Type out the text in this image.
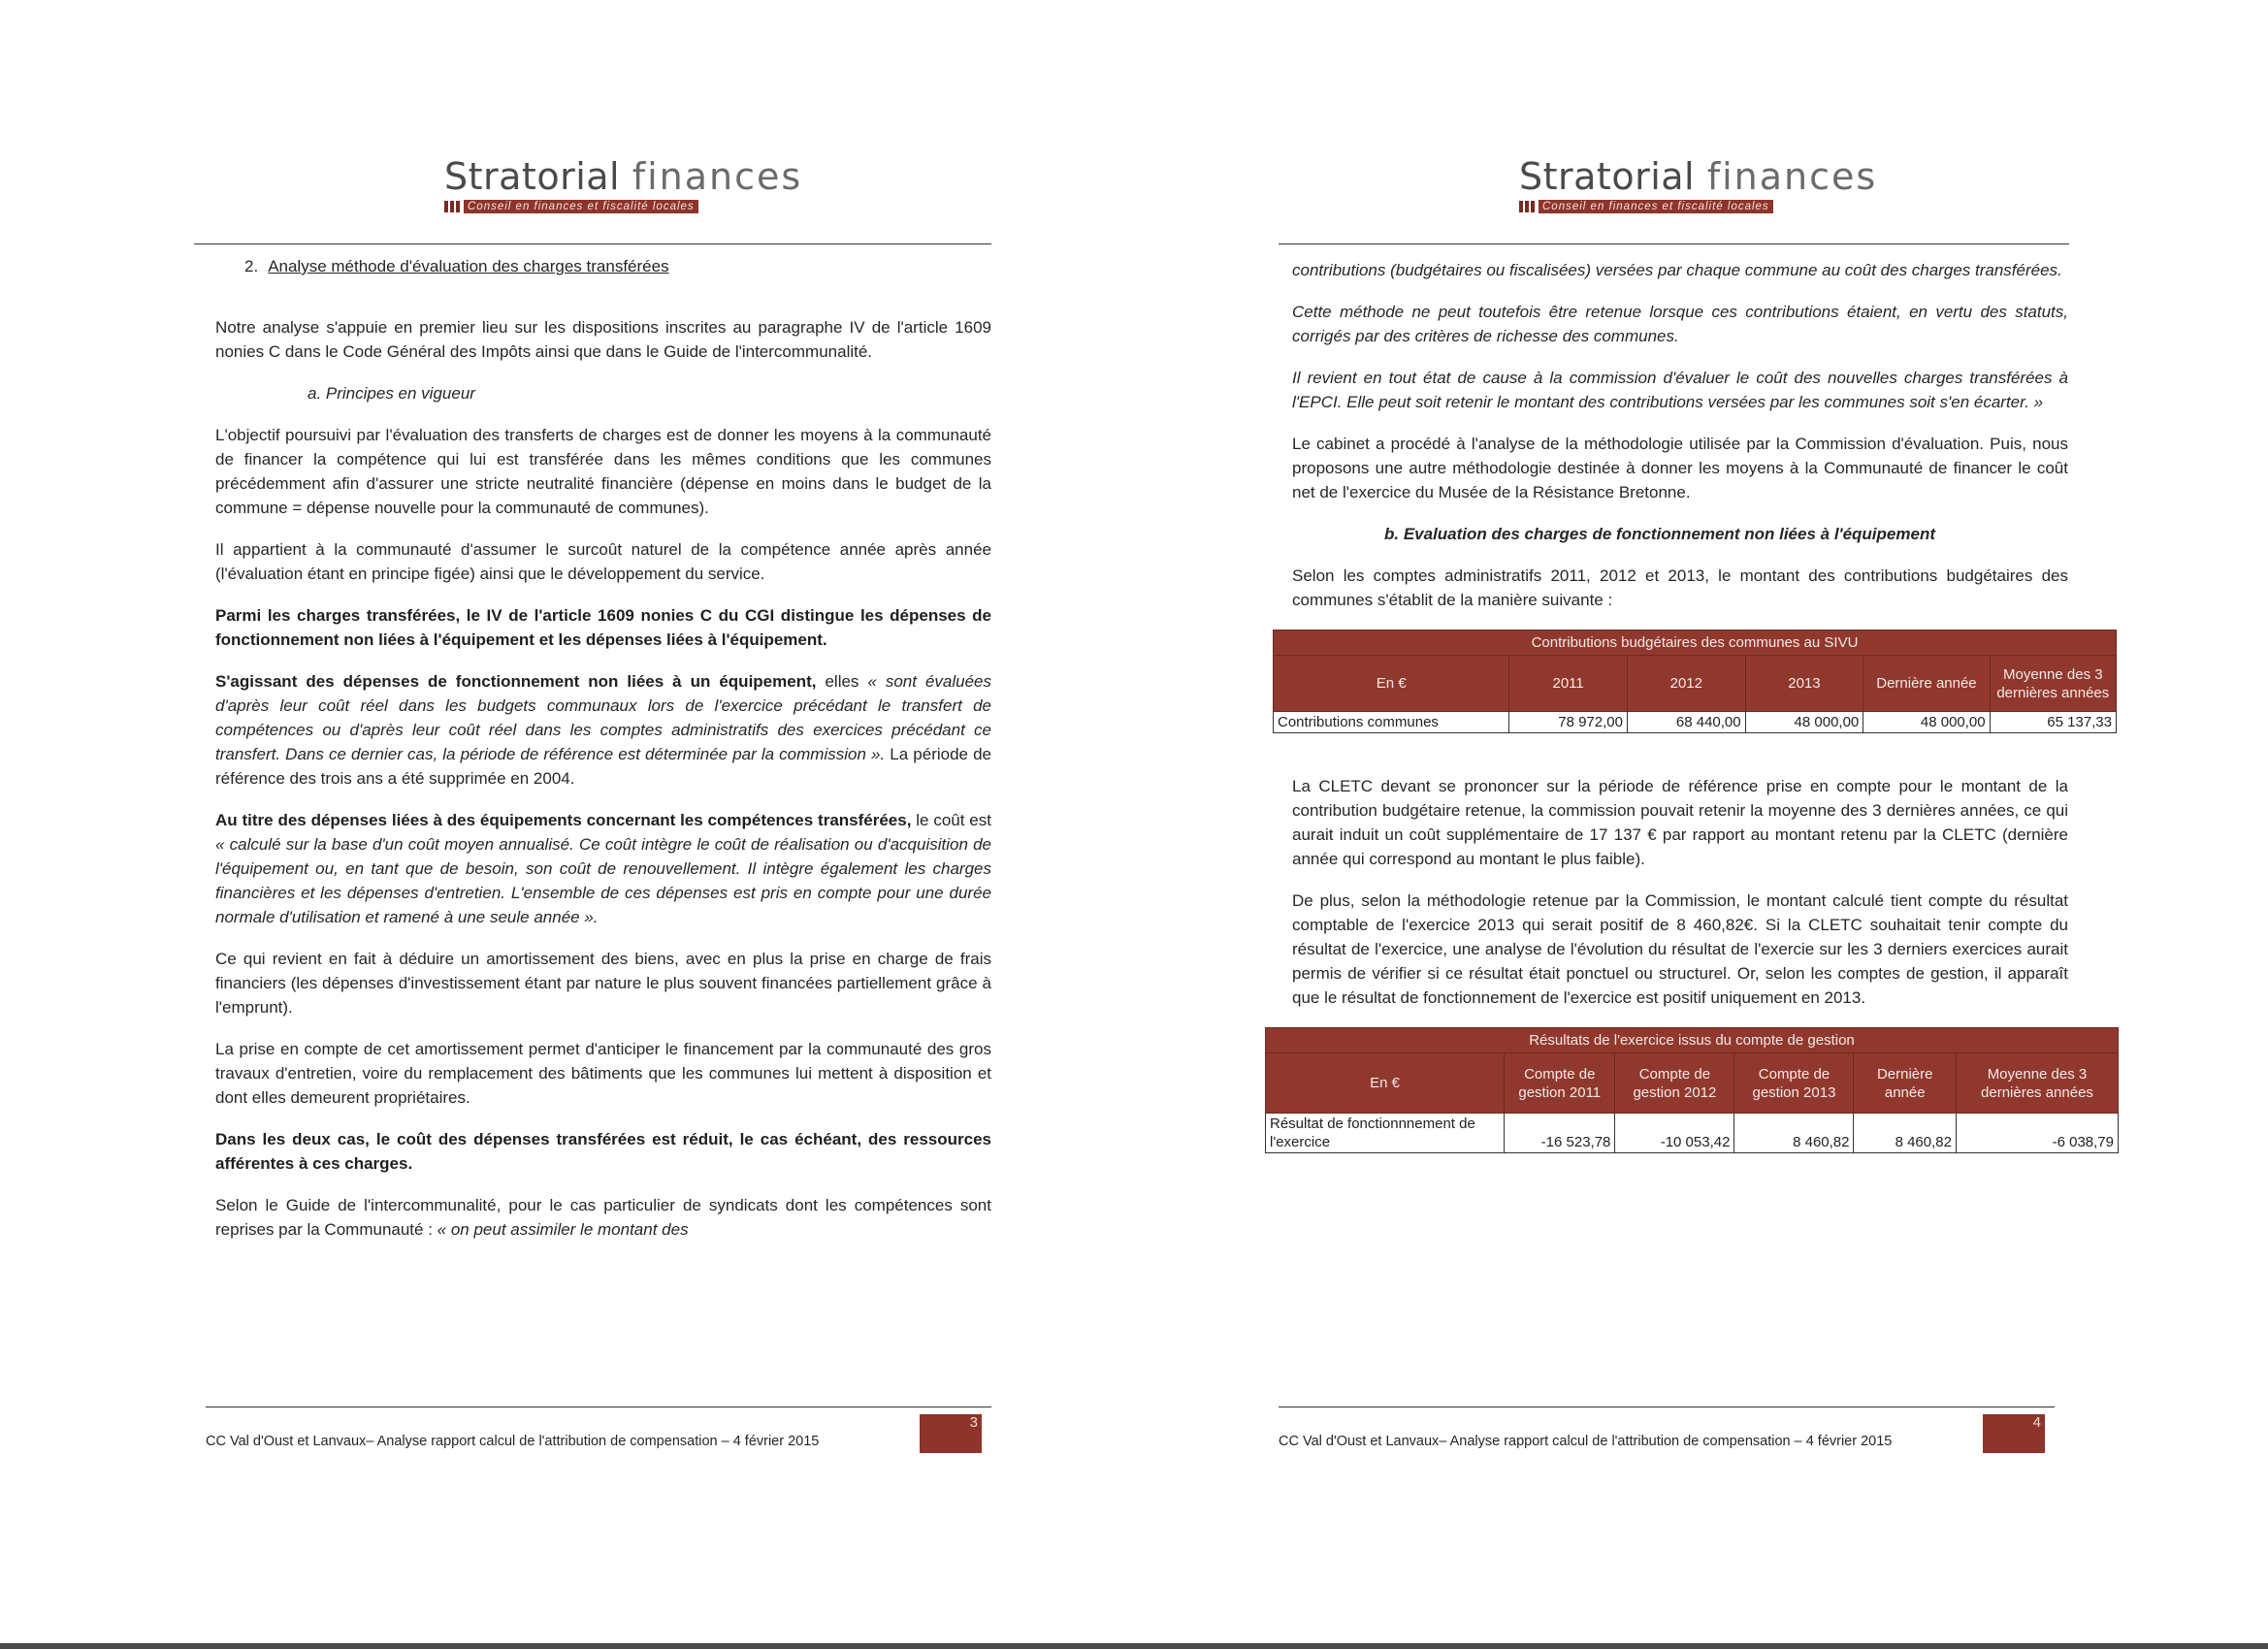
Stratorial finances
Conseil en finances et fiscalité locales

2. Analyse méthode d'évaluation des charges transférées

Notre analyse s'appuie en premier lieu sur les dispositions inscrites au paragraphe IV de l'article 1609 nonies C dans le Code Général des Impôts ainsi que dans le Guide de l'intercommunalité.

a. Principes en vigueur

L'objectif poursuivi par l'évaluation des transferts de charges est de donner les moyens à la communauté de financer la compétence qui lui est transférée dans les mêmes conditions que les communes précédemment afin d'assurer une stricte neutralité financière (dépense en moins dans le budget de la commune = dépense nouvelle pour la communauté de communes).

Il appartient à la communauté d'assumer le surcoût naturel de la compétence année après année (l'évaluation étant en principe figée) ainsi que le développement du service.

Parmi les charges transférées, le IV de l'article 1609 nonies C du CGI distingue les dépenses de fonctionnement non liées à l'équipement et les dépenses liées à l'équipement.

S'agissant des dépenses de fonctionnement non liées à un équipement, elles « sont évaluées d'après leur coût réel dans les budgets communaux lors de l'exercice précédant le transfert de compétences ou d'après leur coût réel dans les comptes administratifs des exercices précédant ce transfert. Dans ce dernier cas, la période de référence est déterminée par la commission ». La période de référence des trois ans a été supprimée en 2004.

Au titre des dépenses liées à des équipements concernant les compétences transférées, le coût est « calculé sur la base d'un coût moyen annualisé. Ce coût intègre le coût de réalisation ou d'acquisition de l'équipement ou, en tant que de besoin, son coût de renouvellement. Il intègre également les charges financières et les dépenses d'entretien. L'ensemble de ces dépenses est pris en compte pour une durée normale d'utilisation et ramené à une seule année ».

Ce qui revient en fait à déduire un amortissement des biens, avec en plus la prise en charge de frais financiers (les dépenses d'investissement étant par nature le plus souvent financées partiellement grâce à l'emprunt).

La prise en compte de cet amortissement permet d'anticiper le financement par la communauté des gros travaux d'entretien, voire du remplacement des bâtiments que les communes lui mettent à disposition et dont elles demeurent propriétaires.

Dans les deux cas, le coût des dépenses transférées est réduit, le cas échéant, des ressources afférentes à ces charges.

Selon le Guide de l'intercommunalité, pour le cas particulier de syndicats dont les compétences sont reprises par la Communauté : « on peut assimiler le montant des

CC Val d'Oust et Lanvaux– Analyse rapport calcul de l'attribution de compensation – 4 février 2015
3
Stratorial finances
Conseil en finances et fiscalité locales

contributions (budgétaires ou fiscalisées) versées par chaque commune au coût des charges transférées.

Cette méthode ne peut toutefois être retenue lorsque ces contributions étaient, en vertu des statuts, corrigés par des critères de richesse des communes.

Il revient en tout état de cause à la commission d'évaluer le coût des nouvelles charges transférées à l'EPCI. Elle peut soit retenir le montant des contributions versées par les communes soit s'en écarter. »

Le cabinet a procédé à l'analyse de la méthodologie utilisée par la Commission d'évaluation. Puis, nous proposons une autre méthodologie destinée à donner les moyens à la Communauté de financer le coût net de l'exercice du Musée de la Résistance Bretonne.

b. Evaluation des charges de fonctionnement non liées à l'équipement

Selon les comptes administratifs 2011, 2012 et 2013, le montant des contributions budgétaires des communes s'établit de la manière suivante :

Contributions budgétaires des communes au SIVU					
En €	2011	2012	2013	Dernière année	Moyenne des 3 dernières années
Contributions communes	78 972,00	68 440,00	48 000,00	48 000,00	65 137,33

La CLETC devant se prononcer sur la période de référence prise en compte pour le montant de la contribution budgétaire retenue, la commission pouvait retenir la moyenne des 3 dernières années, ce qui aurait induit un coût supplémentaire de 17 137 € par rapport au montant retenu par la CLETC (dernière année qui correspond au montant le plus faible).

De plus, selon la méthodologie retenue par la Commission, le montant calculé tient compte du résultat comptable de l'exercice 2013 qui serait positif de 8 460,82€. Si la CLETC souhaitait tenir compte du résultat de l'exercice, une analyse de l'évolution du résultat de l'exercie sur les 3 derniers exercices aurait permis de vérifier si ce résultat était ponctuel ou structurel. Or, selon les comptes de gestion, il apparaît que le résultat de fonctionnement de l'exercice est positif uniquement en 2013.

Résultats de l'exercice issus du compte de gestion					
En €	Compte de gestion 2011	Compte de gestion 2012	Compte de gestion 2013	Dernière année	Moyenne des 3 dernières années
Résultat de fonctionnnement de l'exercice	-16 523,78	-10 053,42	8 460,82	8 460,82	-6 038,79
CC Val d'Oust et Lanvaux– Analyse rapport calcul de l'attribution de compensation – 4 février 2015
4
